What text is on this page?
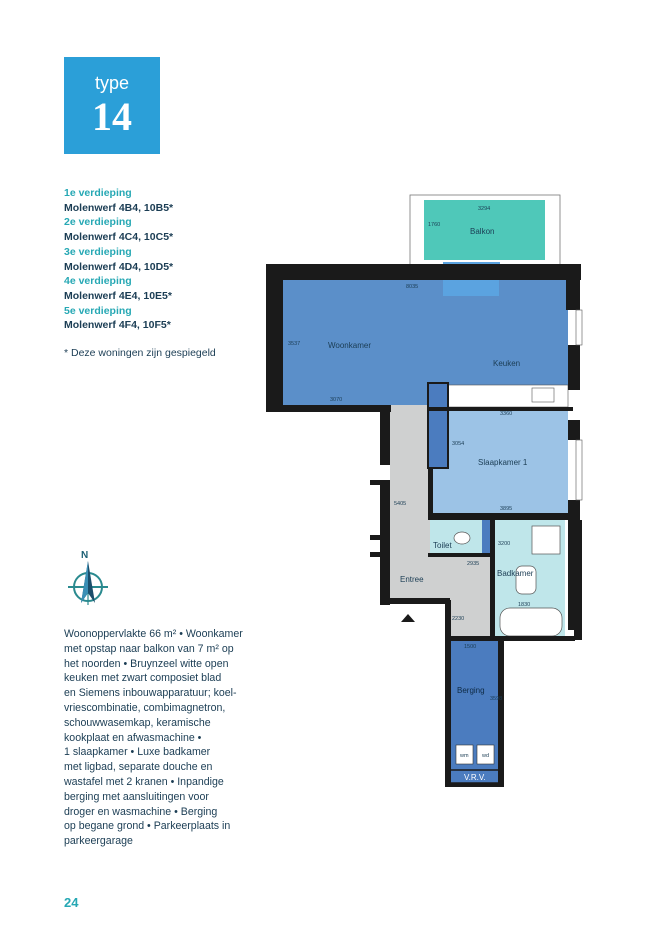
type
14
1e verdieping
Molenwerf 4B4, 10B5*
2e verdieping
Molenwerf 4C4, 10C5*
3e verdieping
Molenwerf 4D4, 10D5*
4e verdieping
Molenwerf 4E4, 10E5*
5e verdieping
Molenwerf 4F4, 10F5*
* Deze woningen zijn gespiegeld
N
Woonoppervlakte 66 m² • Woonkamer
met opstap naar balkon van 7 m² op
het noorden • Bruynzeel witte open
keuken met zwart composiet blad
en Siemens inbouwapparatuur; koel-
vriescombinatie, combimagnetron,
schouwwasemkap, keramische
kookplaat en afwasmachine •
1 slaapkamer • Luxe badkamer
met ligbad, separate douche en
wastafel met 2 kranen • Inpandige
berging met aansluitingen voor
droger en wasmachine • Berging
op begane grond • Parkeerplaats in
parkeergarage
24
Balkon
Woonkamer
Keuken
Slaapkamer 1
Toilet
Badkamer
Entree
Berging
V.R.V.
wm wd
3294
1760
8035
3537
3070
3360
3054
3895
5405
3200
2935
1830
2230
1500
3598
